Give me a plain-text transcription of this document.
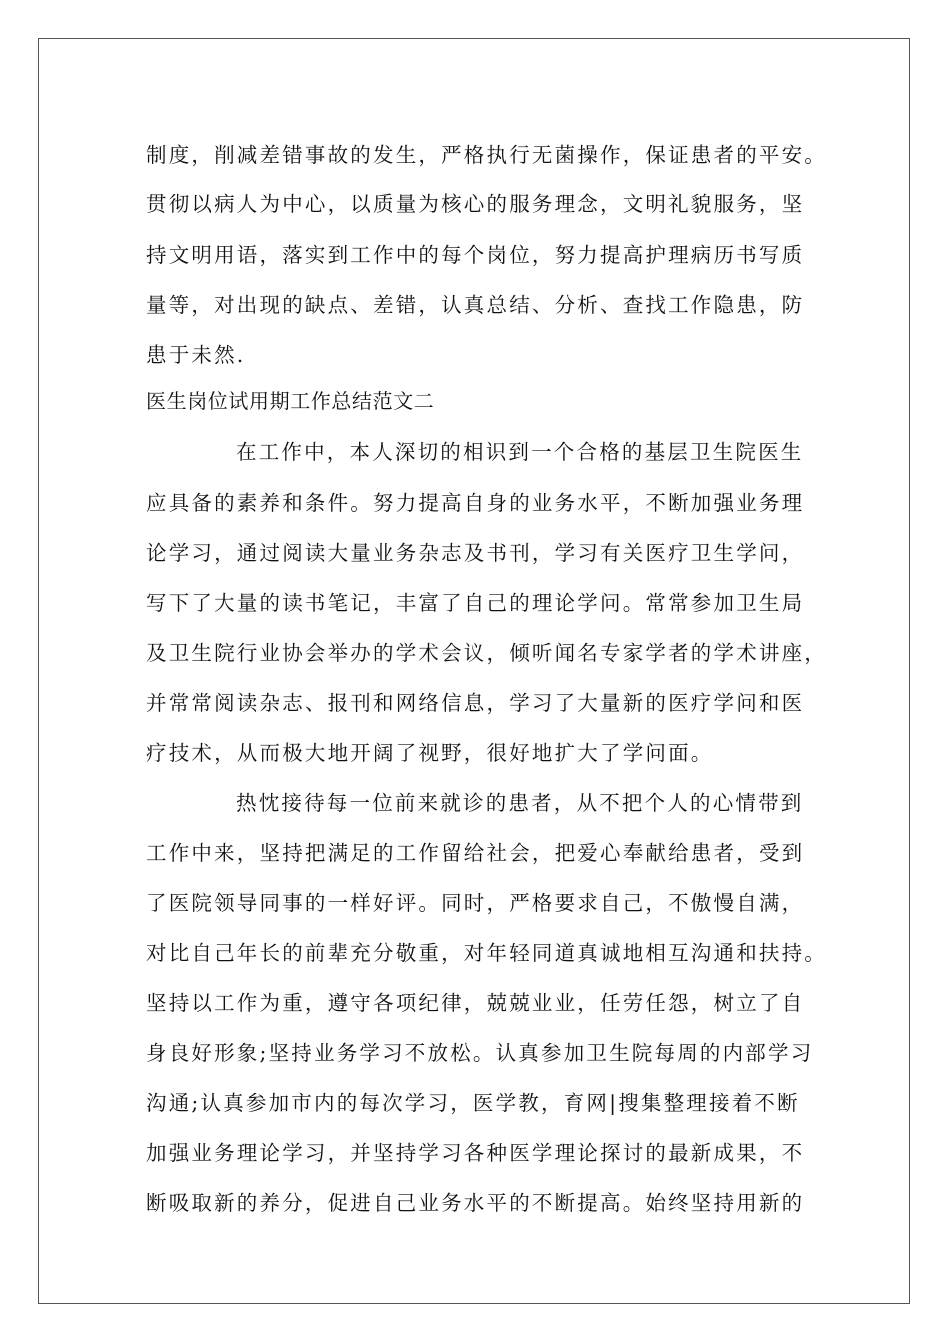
制度，削减差错事故的发生，严格执行无菌操作，保证患者的平安。
贯彻以病人为中心，以质量为核心的服务理念，文明礼貌服务，坚
持文明用语，落实到工作中的每个岗位，努力提高护理病历书写质
量等，对出现的缺点、差错，认真总结、分析、查找工作隐患，防
患于未然.
医生岗位试用期工作总结范文二
在工作中，本人深切的相识到一个合格的基层卫生院医生
应具备的素养和条件。努力提高自身的业务水平，不断加强业务理
论学习，通过阅读大量业务杂志及书刊，学习有关医疗卫生学问，
写下了大量的读书笔记，丰富了自己的理论学问。常常参加卫生局
及卫生院行业协会举办的学术会议，倾听闻名专家学者的学术讲座，
并常常阅读杂志、报刊和网络信息，学习了大量新的医疗学问和医
疗技术，从而极大地开阔了视野，很好地扩大了学问面。
热忱接待每一位前来就诊的患者，从不把个人的心情带到
工作中来，坚持把满足的工作留给社会，把爱心奉献给患者，受到
了医院领导同事的一样好评。同时，严格要求自己，不傲慢自满，
对比自己年长的前辈充分敬重，对年轻同道真诚地相互沟通和扶持。
坚持以工作为重，遵守各项纪律，兢兢业业，任劳任怨，树立了自
身良好形象;坚持业务学习不放松。认真参加卫生院每周的内部学习
沟通;认真参加市内的每次学习，医学教，育网|搜集整理接着不断
加强业务理论学习，并坚持学习各种医学理论探讨的最新成果，不
断吸取新的养分，促进自己业务水平的不断提高。始终坚持用新的
